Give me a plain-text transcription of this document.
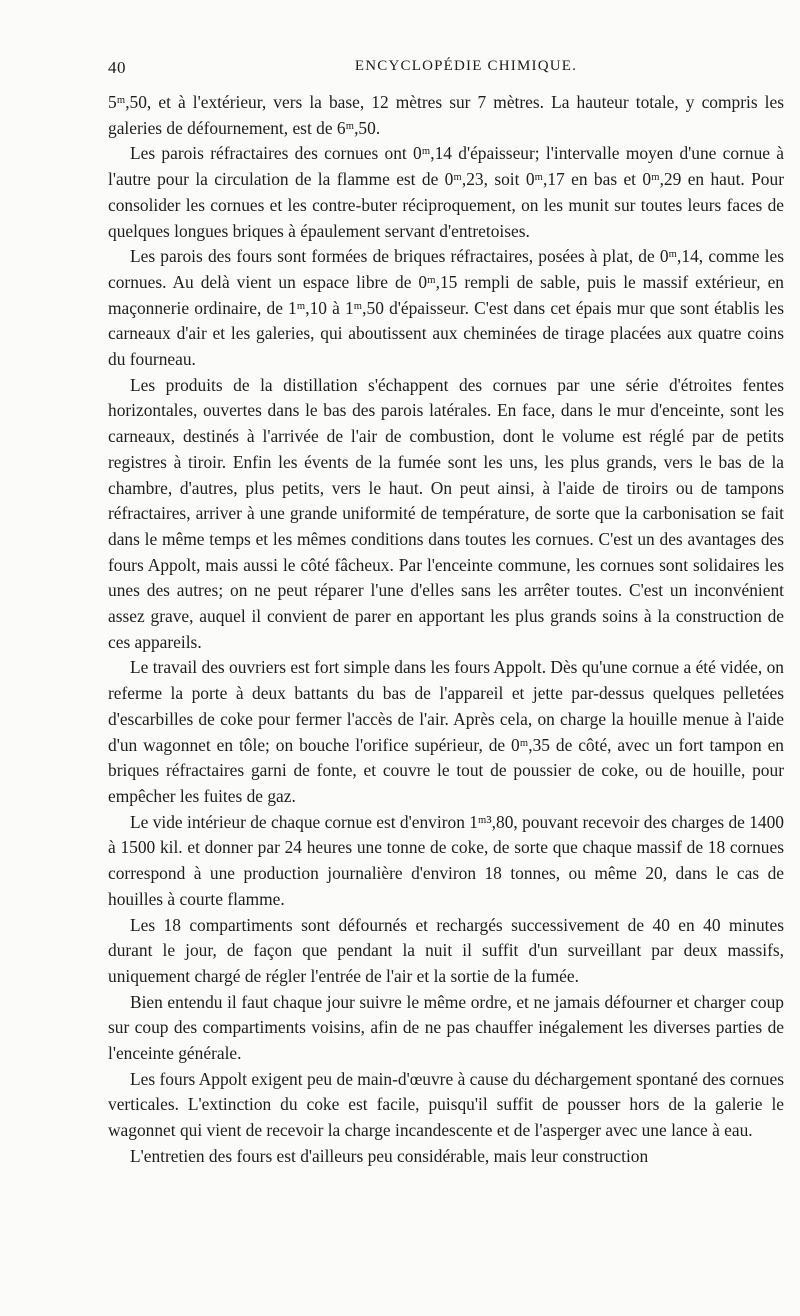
40	ENCYCLOPÉDIE CHIMIQUE.

5ᵐ,50, et à l'extérieur, vers la base, 12 mètres sur 7 mètres. La hauteur totale, y compris les galeries de défournement, est de 6ᵐ,50.

Les parois réfractaires des cornues ont 0ᵐ,14 d'épaisseur; l'intervalle moyen d'une cornue à l'autre pour la circulation de la flamme est de 0ᵐ,23, soit 0ᵐ,17 en bas et 0ᵐ,29 en haut. Pour consolider les cornues et les contre-buter réciproquement, on les munit sur toutes leurs faces de quelques longues briques à épaulement servant d'entretoises.

Les parois des fours sont formées de briques réfractaires, posées à plat, de 0ᵐ,14, comme les cornues. Au delà vient un espace libre de 0ᵐ,15 rempli de sable, puis le massif extérieur, en maçonnerie ordinaire, de 1ᵐ,10 à 1ᵐ,50 d'épaisseur. C'est dans cet épais mur que sont établis les carneaux d'air et les galeries, qui aboutissent aux cheminées de tirage placées aux quatre coins du fourneau.

Les produits de la distillation s'échappent des cornues par une série d'étroites fentes horizontales, ouvertes dans le bas des parois latérales. En face, dans le mur d'enceinte, sont les carneaux, destinés à l'arrivée de l'air de combustion, dont le volume est réglé par de petits registres à tiroir. Enfin les évents de la fumée sont les uns, les plus grands, vers le bas de la chambre, d'autres, plus petits, vers le haut. On peut ainsi, à l'aide de tiroirs ou de tampons réfractaires, arriver à une grande uniformité de température, de sorte que la carbonisation se fait dans le même temps et les mêmes conditions dans toutes les cornues. C'est un des avantages des fours Appolt, mais aussi le côté fâcheux. Par l'enceinte commune, les cornues sont solidaires les unes des autres; on ne peut réparer l'une d'elles sans les arrêter toutes. C'est un inconvénient assez grave, auquel il convient de parer en apportant les plus grands soins à la construction de ces appareils.

Le travail des ouvriers est fort simple dans les fours Appolt. Dès qu'une cornue a été vidée, on referme la porte à deux battants du bas de l'appareil et jette par-dessus quelques pelletées d'escarbilles de coke pour fermer l'accès de l'air. Après cela, on charge la houille menue à l'aide d'un wagonnet en tôle; on bouche l'orifice supérieur, de 0ᵐ,35 de côté, avec un fort tampon en briques réfractaires garni de fonte, et couvre le tout de poussier de coke, ou de houille, pour empêcher les fuites de gaz.

Le vide intérieur de chaque cornue est d'environ 1ᵐ³,80, pouvant recevoir des charges de 1400 à 1500 kil. et donner par 24 heures une tonne de coke, de sorte que chaque massif de 18 cornues correspond à une production journalière d'environ 18 tonnes, ou même 20, dans le cas de houilles à courte flamme.

Les 18 compartiments sont défournés et rechargés successivement de 40 en 40 minutes durant le jour, de façon que pendant la nuit il suffit d'un surveillant par deux massifs, uniquement chargé de régler l'entrée de l'air et la sortie de la fumée.

Bien entendu il faut chaque jour suivre le même ordre, et ne jamais défourner et charger coup sur coup des compartiments voisins, afin de ne pas chauffer inégalement les diverses parties de l'enceinte générale.

Les fours Appolt exigent peu de main-d'œuvre à cause du déchargement spontané des cornues verticales. L'extinction du coke est facile, puisqu'il suffit de pousser hors de la galerie le wagonnet qui vient de recevoir la charge incandescente et de l'asperger avec une lance à eau.

L'entretien des fours est d'ailleurs peu considérable, mais leur construction
